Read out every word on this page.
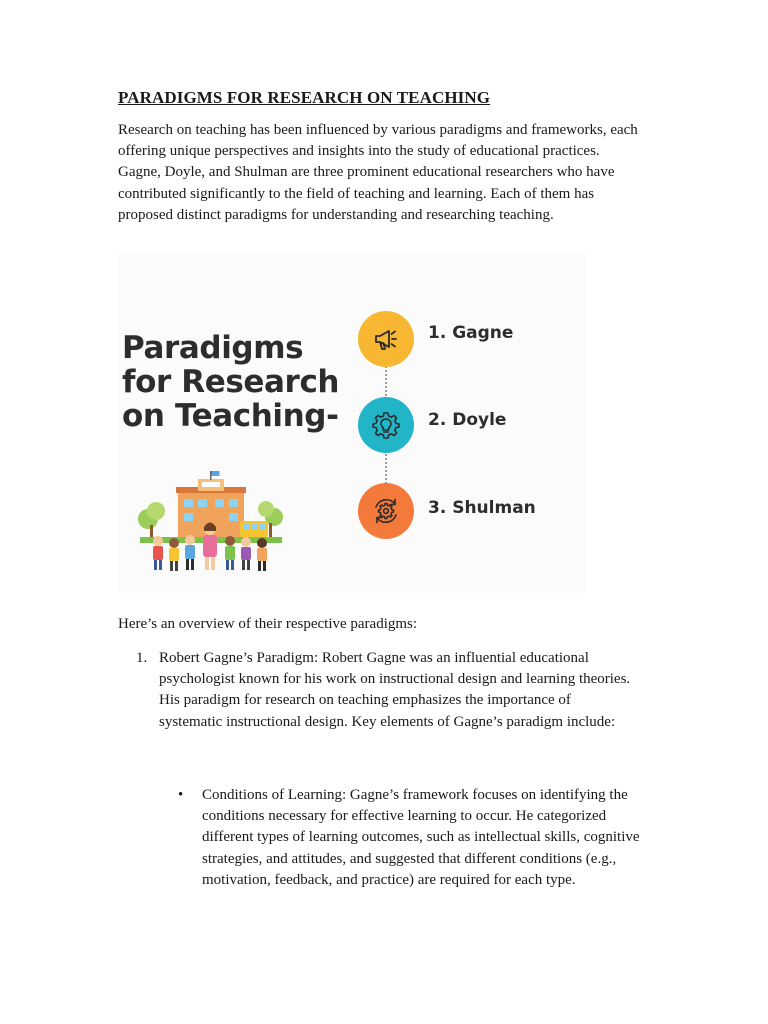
PARADIGMS FOR RESEARCH ON TEACHING

Research on teaching has been influenced by various paradigms and frameworks, each offering unique perspectives and insights into the study of educational practices. Gagne, Doyle, and Shulman are three prominent educational researchers who have contributed significantly to the field of teaching and learning. Each of them has proposed distinct paradigms for understanding and researching teaching.

Paradigms
for Research
on Teaching-
1. Gagne
2. Doyle
3. Shulman

Here’s an overview of their respective paradigms:

1. Robert Gagne’s Paradigm: Robert Gagne was an influential educational psychologist known for his work on instructional design and learning theories. His paradigm for research on teaching emphasizes the importance of systematic instructional design. Key elements of Gagne’s paradigm include:

• Conditions of Learning: Gagne’s framework focuses on identifying the conditions necessary for effective learning to occur. He categorized different types of learning outcomes, such as intellectual skills, cognitive strategies, and attitudes, and suggested that different conditions (e.g., motivation, feedback, and practice) are required for each type.
